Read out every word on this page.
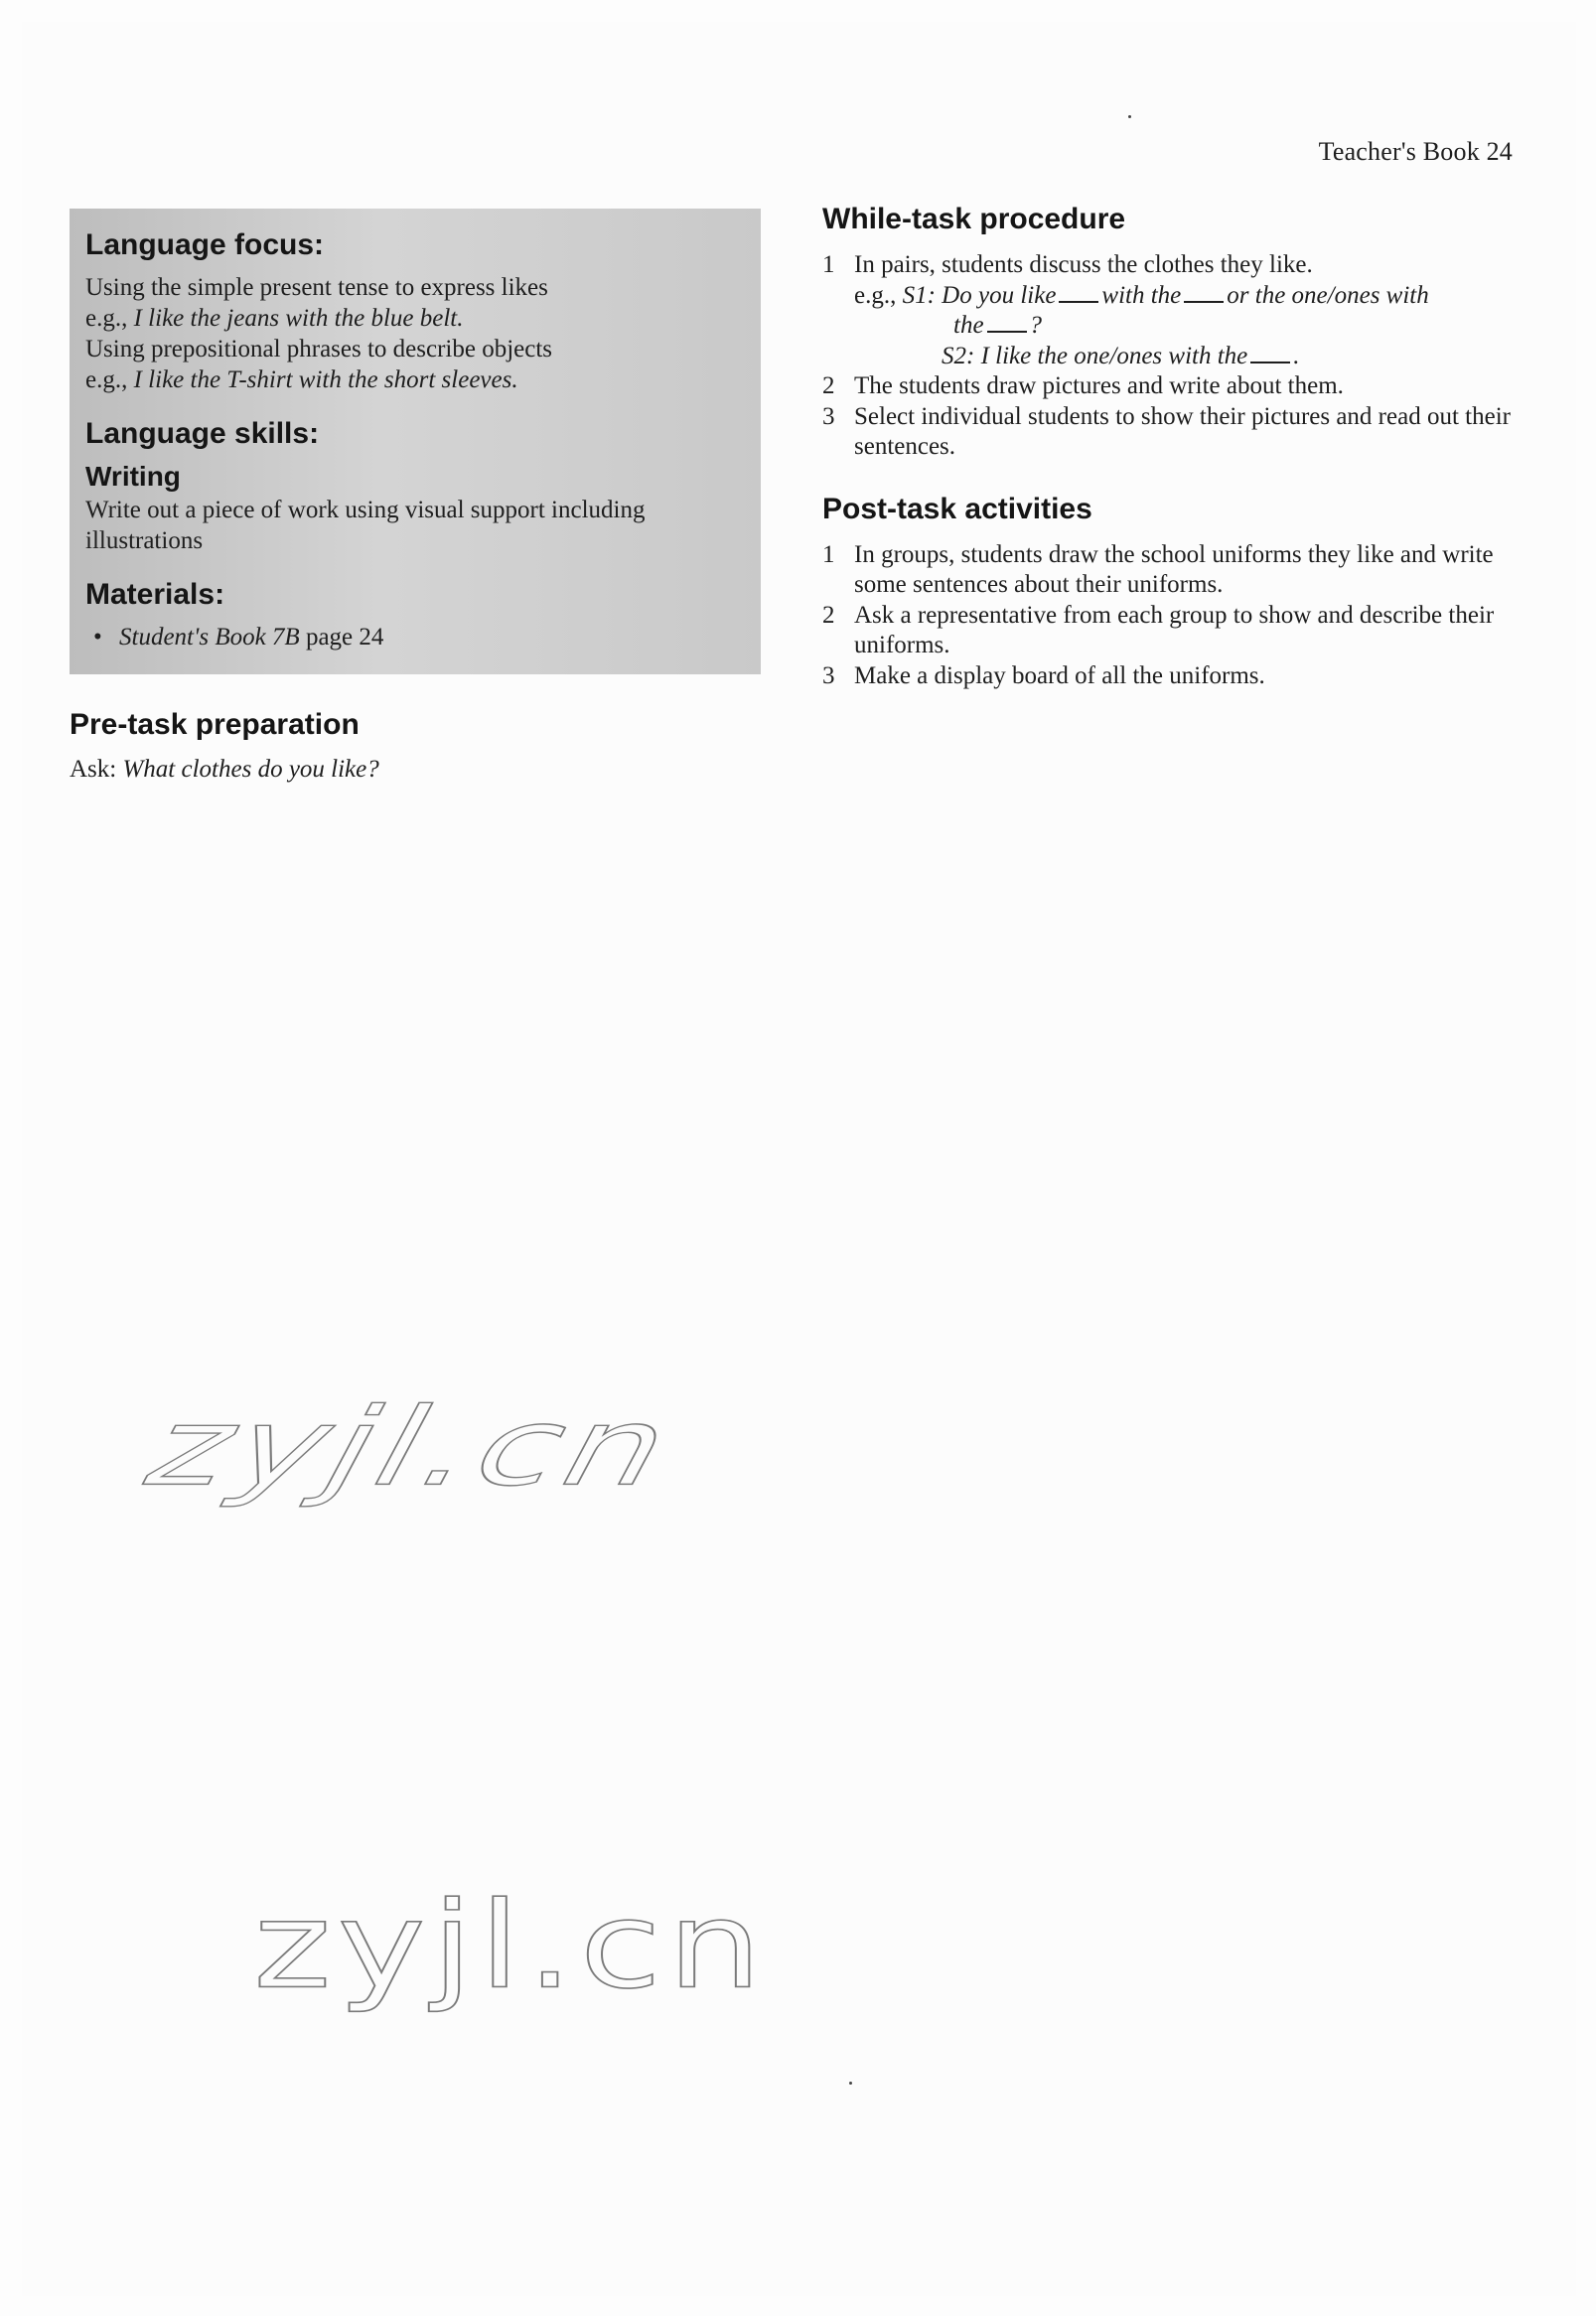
Teacher's Book 24
Language focus:
Using the simple present tense to express likes
e.g., I like the jeans with the blue belt.
Using prepositional phrases to describe objects
e.g., I like the T-shirt with the short sleeves.
Language skills:
Writing
Write out a piece of work using visual support including illustrations
Materials:
• Student's Book 7B page 24
Pre-task preparation
Ask: What clothes do you like?
While-task procedure
1 In pairs, students discuss the clothes they like.
e.g., S1: Do you like with the or the one/ones with
the ?
S2: I like the one/ones with the .
2 The students draw pictures and write about them.
3 Select individual students to show their pictures and read out their sentences.
Post-task activities
1 In groups, students draw the school uniforms they like and write some sentences about their uniforms.
2 Ask a representative from each group to show and describe their uniforms.
3 Make a display board of all the uniforms.
zyjl.cn
zyjl.cn
